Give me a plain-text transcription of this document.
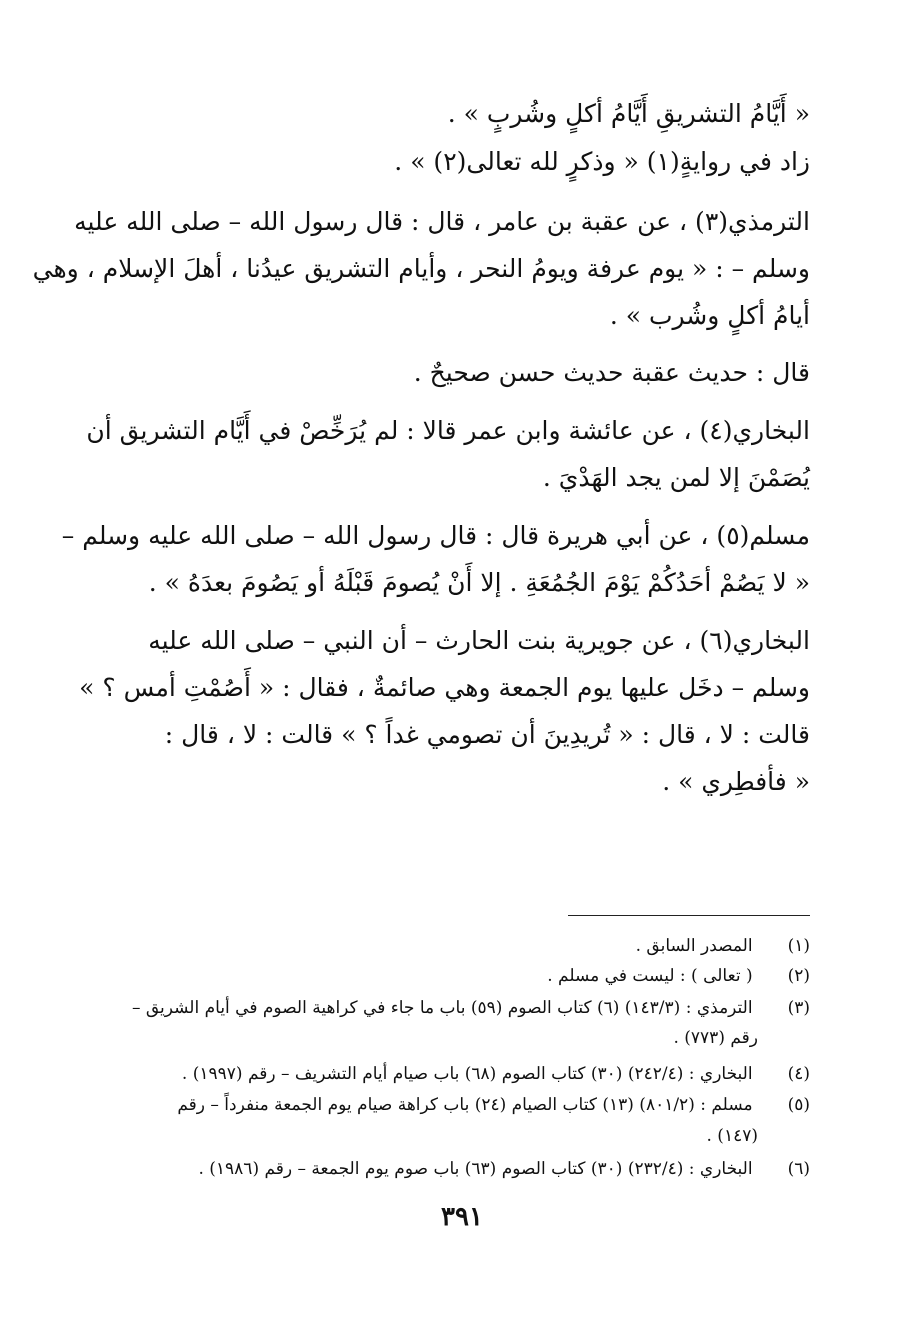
« أَيَّامُ التشريقِ أَيَّامُ أكلٍ وشُربٍ » .
زاد في روايةٍ(١) « وذكرٍ لله تعالى(٢) » .
الترمذي(٣) ، عن عقبة بن عامر ، قال : قال رسول الله – صلى الله عليه
وسلم – : « يوم عرفة ويومُ النحر ، وأيام التشريق عيدُنا ، أهلَ الإسلام ، وهي
أيامُ أكلٍ وشُرب » .
قال : حديث عقبة حديث حسن صحيحٌ .
البخاري(٤) ، عن عائشة وابن عمر قالا : لم يُرَخِّصْ في أَيَّام التشريق أن
يُصَمْنَ إلا لمن يجد الهَدْيَ .
مسلم(٥) ، عن أبي هريرة قال : قال رسول الله – صلى الله عليه وسلم –
« لا يَصُمْ أحَدُكُمْ يَوْمَ الجُمُعَةِ . إلا أَنْ يُصومَ قَبْلَهُ أو يَصُومَ بعدَهُ » .
البخاري(٦) ، عن جويرية بنت الحارث – أن النبي – صلى الله عليه
وسلم – دخَل عليها يوم الجمعة وهي صائمةٌ ، فقال : « أَصُمْتِ أمس ؟ »
قالت : لا ، قال : « تُريدِينَ أن تصومي غداً ؟ » قالت : لا ، قال :
« فأفطِري » .
(١) المصدر السابق .
(٢) ( تعالى ) : ليست في مسلم .
(٣) الترمذي : (١٤٣/٣) (٦) كتاب الصوم (٥٩) باب ما جاء في كراهية الصوم في أيام الشريق –
رقم (٧٧٣) .
(٤) البخاري : (٢٤٢/٤) (٣٠) كتاب الصوم (٦٨) باب صيام أيام التشريف – رقم (١٩٩٧) .
(٥) مسلم : (٨٠١/٢) (١٣) كتاب الصيام (٢٤) باب كراهة صيام يوم الجمعة منفرداً – رقم
(١٤٧) .
(٦) البخاري : (٢٣٢/٤) (٣٠) كتاب الصوم (٦٣) باب صوم يوم الجمعة – رقم (١٩٨٦) .
٣٩١
